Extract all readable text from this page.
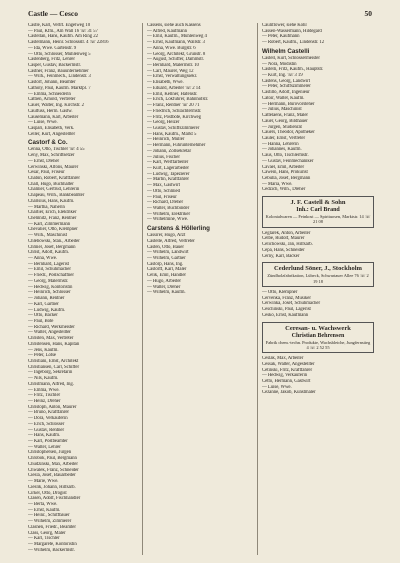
Castle — Cesco	50
Castle, Karl, Vertrt. Engelweg 10
— Paul, Kfm., Am Wall 16 ☏ 31 57
Castellan, Hans, Kaufm. Am Ring 22
Castelmann, Heinr. Schlossstr. 4 ☏ 22816
— Ida, Wwe. Gartenstr. 9
— Otto, Schlosser, Mühlenweg 5
Castenberg, Fritz, Lehrer
Casper, Gustav, Bäckermstr.
Castner, Franz, Bauunternehmer
— Wilh., Feinmech., Lindenstr. 3
Castorf, Johann, Beamter
Catholy, Paul, Kaufm. Marktpl. 7
— Emma, Schneiderin
Cattien, Arnold, Vertreter
Cauer, Walter, Ing. Kirchstr. 2
Caulfuss, Herm. Gastw.
Causemann, Karl, Arbeiter
— Luise, Wwe.
Caspari, Elisabeth, Verk.
Celler, Kurt, Angestellter
Castorf & Co.
Cenna, Otto, Tischler ☏ 4 55
Ceny, Max, Schriftsetzer
— Ernst, Dreher
Cerwinski, Alfons, Maurer
Cesar, Paul, Friseur
Chabin, Robert, Kraftfahrer
Chall, Hugo, Buchhalter
Chamier, Gertrud, Lehrerin
Chapeau, Wilh., Bankbeamter
Charisius, Hans, Kaufm.
— Martha, Näherin
Charlier, Erich, Elektriker
Chemnitz, Franz, Rentner
— Karl, Zimmermann
Chevalier, Otto, Klempner
— Wilh., Maschinist
Chlebowski, Stan., Arbeiter
Chmiel, Josef, Bergmann
Christ, Adolf, Kaufm.
— Anna, Wwe.
— Bernhard, Lagerist
— Emil, Schuhmacher
— Friedr., Postschaffner
— Georg, Malermstr.
— Hedwig, Kontoristin
— Heinrich, Schlosser
— Johann, Rentner
— Karl, Gärtner
— Ludwig, Kaufm.
— Otto, Bäcker
— Paul, Bote
— Richard, Werkmeister
— Walter, Angestellter
Christen, Max, Vertreter
Christensen, Hans, Kapitän
— Jens, Kaufm.
— Peter, Lotse
Christiani, Ernst, Architekt
Christiansen, Carl, Schiffer
— Ingeborg, Sekretärin
— Nils, Kaufm.
Christmann, Alfred, Ing.
— Emma, Wwe.
— Fritz, Tischler
— Heinz, Dreher
Christoph, Anton, Maurer
— Bruno, Kraftfahrer
— Dora, Verkäuferin
— Erich, Schlosser
— Gustav, Rentner
— Hans, Kaufm.
— Karl, Postbeamter
— Walter, Lehrer
Christophersen, Jürgen
Chrobok, Paul, Bergmann
Chudzinski, Max, Arbeiter
Chwalek, Franz, Schneider
Ciesla, Josef, Bauarbeiter
— Marie, Wwe.
Cieslik, Johann, Hilfsarb.
Cirkel, Otto, Drogist
Clasen, Adolf, Fischhändler
— Berta, Wwe.
— Ernst, Kaufm.
— Heinr., Schiffbauer
— Wilhelm, Zimmerer
Clashen, Friedr., Beamter
Class, Georg, Maler
— Karl, Tischler
— Margarete, Kontoristin
— Wilhelm, Bäckermstr.
Cassens, siehe auch Kassens
— Alfred, Kaufmann
— Emil, Kaufm., Mühlenweg 4
— Ernst, Kaufmann, Wallstr. 3
— Anna, Wwe. Burgstr. 6
— Georg, Architekt, Grünstr. 8
— August, Schiffer, Dammstr.
— Bernhard, Malermstr. 10
— Carl, Maurer, Weg 12
— Ernst, Verwaltungssekr.
— Elisabeth, Wwe.
— Eduard, Arbeiter ☏ 2 14
— Emil, Kellner, Hafenstr.
— Erich, Lokführer, Bahnhofstr.
— Franz, Rentner ☏ 20 71
— Friedrich, Schlachtermstr.
— Fritz, Postbote, Kirchweg
— Georg, Heizer
— Gustav, Schiffszimmerer
— Hans, Kaufm., Markt 5
— Heinrich, Müller
— Hermann, Fuhrunternehmer
— Johann, Zollsekretär
— Julius, Fischer
— Karl, Werftarbeiter
— Kurt, Lagerarbeiter
— Ludwig, Tapezierer
— Martin, Kraftfahrer
— Max, Gastwirt
— Otto, Schmied
— Paul, Friseur
— Richard, Dreher
— Walter, Buchbinder
— Wilhelm, Elektriker
— Wilhelmine, Wwe.
Carstens & Höllerling
Cassirer, Hugo, Arzt
Castelle, Alfred, Vertreter
Casten, Otto, Bauer
— Wilhelm, Landwirt
— Wilhelm, Gärtner
Castorp, Hans, Ing.
Castorff, Karl, Maler
Celik, Emil, Händler
— Hugo, Arbeiter
— Walter, Dreher
— Wilhelm, Kaufm.
Cauliflower, siehe Kohl
Cassen-Wassermann, Hildegard
— Peter, Kaufmann
— Robert, Kaufm., Lindenstr. 12
Wilhelm Castelli
Castell, Kurt, Schlossermeister
— Nora, Modistin
Castelli, Fritz, Kaufm., Hauptstr.
— Kurt, Ing. ☏ 3 19
Castens, Georg, Landwirt
— Peter, Schiffszimmerer
Castillo, Adolf, Ingenieur
Catoir, Walter, Kaufm.
— Hermann, Bürovorsteher
— Julius, Maschinist
Cattelaens, Franz, Maler
Cauer, Georg, Bildhauer
— Jürgen, Studienrat
Cauers, Theodor, Apotheker
Cauler, Ernst, Vertreter
— Hanna, Lehrerin
— Johannes, Kaufm.
Caus, Otto, Tischlermstr.
— Gustav, Feinmechaniker
Cavael, Emil, Arbeiter
Cawein, Hans, Prokurist
Cebulla, Josef, Bergmann
— Maria, Wwe.
Cedzich, Wilh., Dreher
J. F. Castell & Sohn
Inh.: Carl Brand
Kolonialwaren — Feinkost — Spirituosen, Marktstr. 14 ☏ 21 08
Ceglarek, Anton, Arbeiter
Celbe, Rudolf, Maurer
Celichowski, Jan, Hilfsarb.
Cepa, Hans, Schneider
Cerny, Karl, Bäcker
Cederlund Söner, J., Stockholm
Zündholzfabrikation, Lübeck, Schwartauer Allee 76 ☏ 2 19 18
— Otto, Klempner
Cervenka, Franz, Musiker
Cerwinka, Josef, Schuhmacher
Ceschinski, Paul, Lagerist
Cesko, Ernst, Kaufmann
Ceresan- u. Wachswerk
Christian Behrensen
Fabrik chem.-techn. Produkte, Wachsbleiche, Jungfernstieg 4 ☏ 2 52 55
Ceslak, Max, Arbeiter
Cessak, Walter, Angestellter
Cetinski, Fritz, Kraftfahrer
— Hedwig, Verkäuferin
Cetto, Hermann, Gastwirt
— Luise, Wwe.
Cezanne, Jakob, Kunstmaler
